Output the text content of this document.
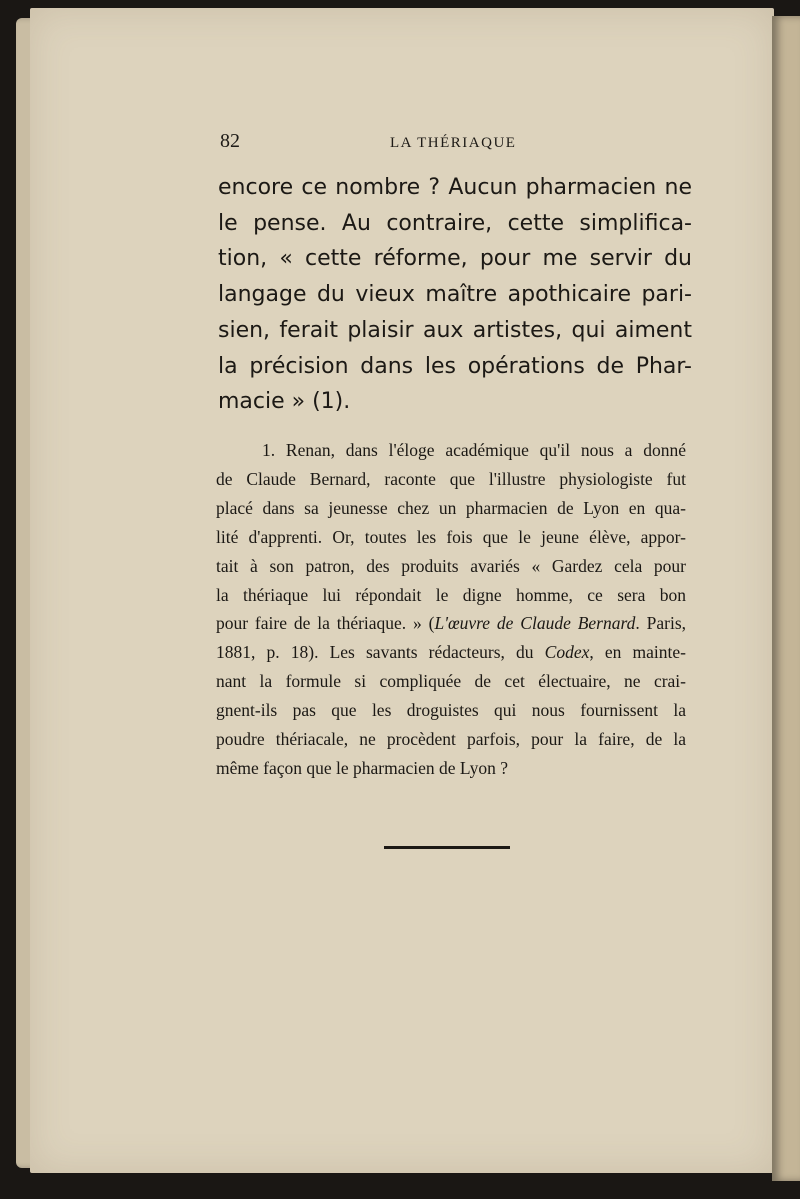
82	LA THÉRIAQUE
encore ce nombre ? Aucun pharmacien ne
le pense. Au contraire, cette simplifica-
tion, « cette réforme, pour me servir du
langage du vieux maître apothicaire pari-
sien, ferait plaisir aux artistes, qui aiment
la précision dans les opérations de Phar-
macie » (1).
1. Renan, dans l'éloge académique qu'il nous a donné
de Claude Bernard, raconte que l'illustre physiologiste fut
placé dans sa jeunesse chez un pharmacien de Lyon en qua-
lité d'apprenti. Or, toutes les fois que le jeune élève, appor-
tait à son patron, des produits avariés « Gardez cela pour
la thériaque lui répondait le digne homme, ce sera bon
pour faire de la thériaque. » (L'œuvre de Claude Bernard. Paris,
1881, p. 18). Les savants rédacteurs, du Codex, en mainte-
nant la formule si compliquée de cet électuaire, ne crai-
gnent-ils pas que les droguistes qui nous fournissent la
poudre thériacale, ne procèdent parfois, pour la faire, de la
même façon que le pharmacien de Lyon ?
